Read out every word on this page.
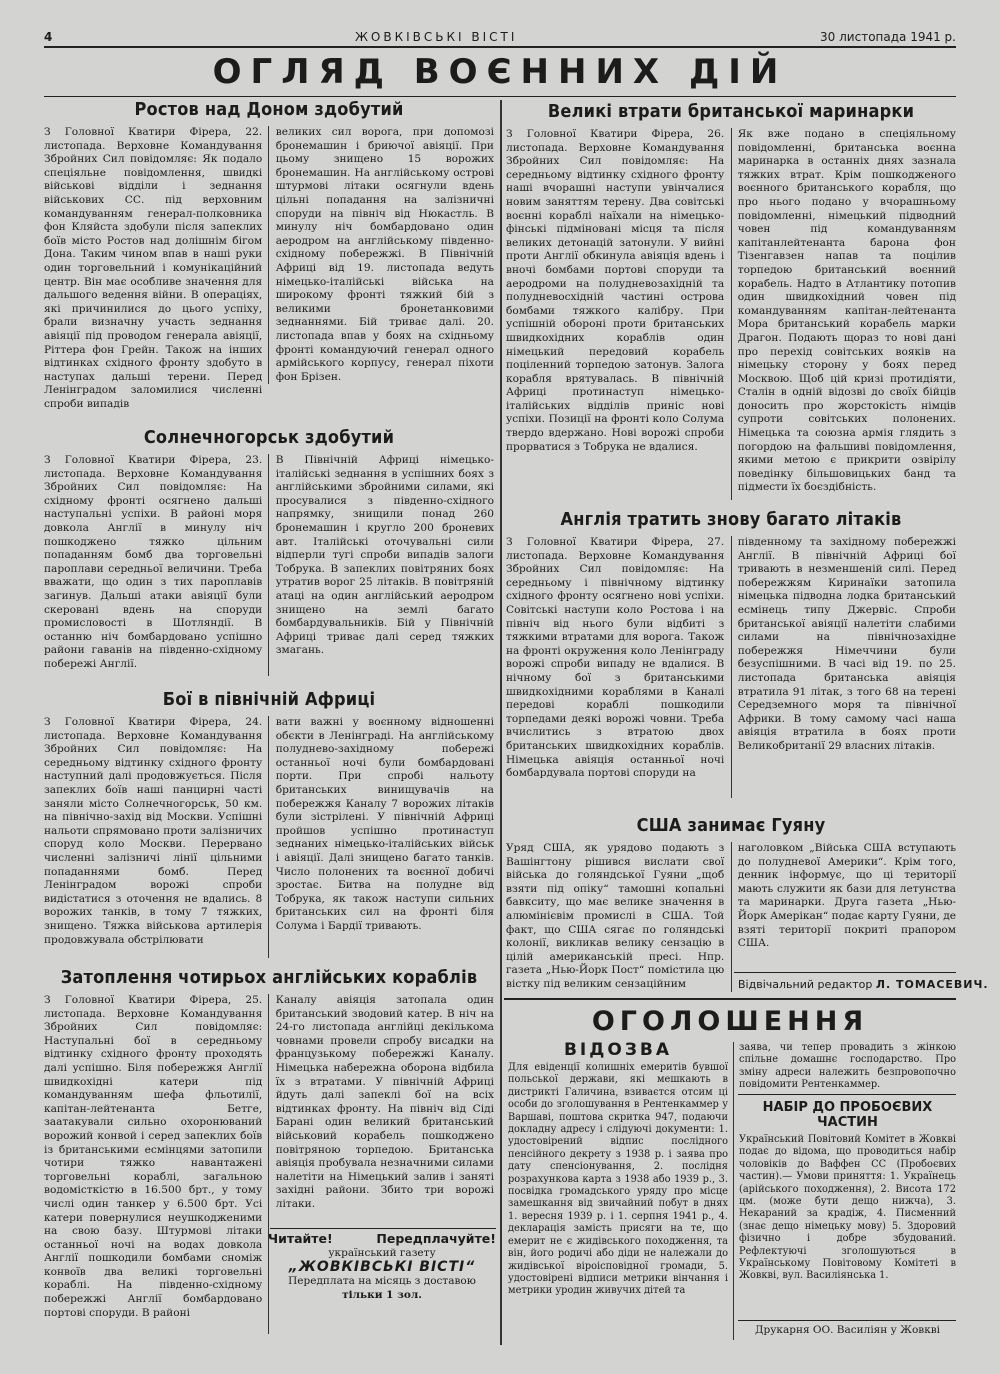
4	ЖОВКІВСЬКІ ВІСТІ	30 листопада 1941 р.
ОГЛЯД ВОЄННИХ ДІЙ
Ростов над Доном здобутий
З Головної Кватири Фірера, 22. листопада. Верховне Командування Збройних Сил повідомляє: Як подало спеціяльне повідомлення, швидкі військові відділи і зеднання військових СС. під верховним командуванням генерал-полковника фон Кляйста здобули після запеклих боїв місто Ростов над долішнім бігом Дона. Таким чином впав в наші руки один торговельний і комунікаційний центр. Він має особливе значення для дальшого ведення війни. В операціях, які причинилися до цього успіху, брали визначну участь зеднання авіяції під проводом генерала авіяції, Ріттера фон Грейн. Також на інших відтинках східного фронту здобуто в наступах дальші терени. Перед Ленінградом заломилися численні спроби випадів
великих сил ворога, при допомозі бронемашин і бриючої авіяції. При цьому знищено 15 ворожих бронемашин. На англійському острові штурмові літаки осягнули вдень цільні попадання на залізничні споруди на північ від Нюкастль. В минулу ніч бомбардовано один аеродром на англійському південно-східному побережжі. В Північній Африці від 19. листопада ведуть німецько-італійські війська на широкому фронті тяжкий бій з великими бронетанковими зеднаннями. Бій триває далі. 20. листопада впав у боях на східньому фронті командуючий генерал одного армійського корпусу, генерал піхоти фон Брізен.
Солнечногорськ здобутий
З Головної Кватири Фірера, 23. листопада. Верховне Командування Збройних Сил повідомляє: На східному фронті осягнено дальші наступальні успіхи. В районі моря довкола Англії в минулу ніч пошкоджено тяжко цільним попаданням бомб два торговельні пароплави середньої величини. Треба вважати, що один з тих пароплавів загинув. Дальші атаки авіяції були скеровані вдень на споруди промисловості в Шотляндії. В останню ніч бомбардовано успішно райони гаванів на південно-східному побережі Англії.
В Північній Африці німецько-італійські зеднання в успішних боях з англійськими збройними силами, які просувалися з південно-східного напрямку, знищили понад 260 бронемашин і кругло 200 броневих авт. Італійські оточувальні сили відперли тугі спроби випадів залоги Тобрука. В запеклих повітряних боях утратив ворог 25 літаків. В повітряній атаці на один англійський аеродром знищено на землі багато бомбардувальників. Бій у Північній Африці триває далі серед тяжких змагань.
Бої в північній Африці
З Головної Кватири Фірера, 24. листопада. Верховне Командування Збройних Сил повідомляє: На середньому відтинку східного фронту наступний далі продовжується. Після запеклих боїв наші панцирні часті заняли місто Солнечногорськ, 50 км. на північно-захід від Москви. Успішні нальоти спрямовано проти залізничих споруд коло Москви. Перервано численні залізничі лінії цільними попаданнями бомб. Перед Ленінградом ворожі спроби видістатися з оточення не вдались. 8 ворожих танків, в тому 7 тяжких, знищено. Тяжка військова артилерія продовжувала обстрілювати
вати важні у воєнному відношенні обєкти в Ленінграді. На англійському полуднево-західному побережі останньої ночі були бомбардовані порти. При спробі нальоту британських винищувачів на побережжя Каналу 7 ворожих літаків були зістрілені. У північній Африці пройшов успішно протинаступ зеднаних німецько-італійських військ і авіяції. Далі знищено багато танків. Число полонених та воєнної добичі зростає. Битва на полудне від Тобрука, як також наступи сильних британських сил на фронті біля Солума і Бардії тривають.
Затоплення чотирьох англійських кораблів
З Головної Кватири Фірера, 25. листопада. Верховне Командування Збройних Сил повідомляє: Наступальні бої в середньому відтинку східного фронту проходять далі успішно. Біля побережжя Англії швидкохідні катери під командуванням шефа фльотилії, капітан-лейтенанта Бетге, заатакували сильно охоронюваний ворожий конвой і серед запеклих боїв із британськими есмінцями затопили чотири тяжко навантажені торговельні кораблі, загальною водомісткістю в 16.500 брт., у тому числі один танкер у 6.500 брт. Усі катери повернулися неушкодженими на свою базу. Штурмові літаки останньої ночі на водах довкола Англії пошкодили бомбами сноміж конвоїв два великі торговельні кораблі. На південно-східному побережжі Англії бомбардовано портові споруди. В районі
Каналу авіяція затопала один британський зводовий катер. В ніч на 24-го листопада англійці декількома човнами провели спробу висадки на французькому побережжі Каналу. Німецька набережна оборона відбила їх з втратами. У північній Африці йдуть далі запеклі бої на всіх відтинках фронту. На північ від Сіді Барані один великий британський військовий корабель пошкоджено повітряною торпедою. Британська авіяція пробувала незначними силами налетіти на Німецький залив і заняті західні райони. Збито три ворожі літаки.
Читайте!	Передплачуйте!
український газету
„ЖОВКІВСЬКІ ВІСТІ“
Передплата на місяць з доставою
тільки 1 зол.
Великі втрати британської маринарки
З Головної Кватири Фірера, 26. листопада. Верховне Командування Збройних Сил повідомляє: На середньому відтинку східного фронту наші вчорашні наступи увінчалися новим заняттям терену. Два совітські воєнні кораблі наїхали на німецько-фінські підміновані місця та після великих детонацій затонули. У вийні проти Англії обкинула авіяція вдень і вночі бомбами портові споруди та аеродроми на полудневозахідній та полудневосхідній частині острова бомбами тяжкого калібру. При успішній обороні проти британських швидкохідних кораблів один німецький передовий корабель поціленний торпедою затонув. Залога корабля врятувалась. В північній Африці протинаступ німецько-італійських відділів приніс нові успіхи. Позиції на фронті коло Солума твердо вдержано. Нові ворожі спроби прорватися з Тобрука не вдалися.
Як вже подано в спеціяльному повідомленні, британська воєнна маринарка в останніх днях зазнала тяжких втрат. Крім пошкодженого воєнного британського корабля, що про нього подано у вчорашньому повідомленні, німецький підводний човен під командуванням капітанлейтенанта барона фон Тізенгавзен напав та поцілив торпедою британський воєнний корабель. Надто в Атлантику потопив один швидкохідний човен під командуванням капітан-лейтенанта Мора британський корабель марки Драгон. Подають щораз то нові дані про перехід совітських вояків на німецьку сторону у боях перед Москвою. Щоб цій кризі протидіяти, Сталін в одній відозві до своїх бійців доносить про жорстокість німців супроти совітських полонених. Німецька та союзна армія глядить з погордою на фальшиві повідомлення, якими метою є прикрити озвірілу поведінку більшовицьких банд та підмести їх боєздібність.
Англія тратить знову багато літаків
З Головної Кватири Фірера, 27. листопада. Верховне Командування Збройних Сил повідомляє: На середньому і північному відтинку східного фронту осягнено нові успіхи. Совітські наступи коло Ростова і на північ від нього були відбиті з тяжкими втратами для ворога. Також на фронті окруження коло Ленінграду ворожі спроби випаду не вдалися. В нічному бої з британськими швидкохідними кораблями в Каналі передові кораблі пошкодили торпедами деякі ворожі човни. Треба вчислитись з втратою двох британських швидкохідних кораблів. Німецька авіяція останньої ночі бомбардувала портові споруди на
південному та західному побережжі Англії. В північній Африці бої тривають в незменшеній силі. Перед побережжям Киринаїки затопила німецька підводна лодка британський есмінець типу Джервіс. Спроби британської авіяції налетіти слабими силами на північнозахідне побережжя Німеччини були безуспішними. В часі від 19. по 25. листопада британська авіяція втратила 91 літак, з того 68 на терені Середземного моря та північної Африки. В тому самому часі наша авіяція втратила в боях проти Великобританії 29 власних літаків.
США занимає Гуяну
Уряд США, як урядово подають з Вашінгтону рішився вислати свої війська до голяндської Гуяни „щоб взяти під опіку“ тамошні копальні бавкситу, що має велике значення в алюмінієвім промислі в США. Той факт, що США сягає по голяндські колонії, викликав велику сензацію в цілій американській пресі. Нпр. газета „Нью-Йорк Пост“ помістила цю вістку під великим сензаційним
наголовком „Війська США вступають до полудневої Америки“. Крім того, денник інформує, що ці території мають служити як бази для летунства та маринарки. Друга газета „Нью-Йорк Амерікан“ подає карту Гуяни, де взяті території покриті прапором США.
Відвічальний редактор Л. ТОМАСЕВИЧ.
ОГОЛОШЕННЯ
ВІДОЗВА
Для евіденції колишніх емеритів бувшої польської держави, які мешкають в дистрикті Галичина, взиваєтся отсим ці особи до зголошування в Рентенкаммер у Варшаві, поштова скритка 947, подаючи докладну адресу і слідуючі документи: 1. удостовірений відпис послідного пенсійного декрету з 1938 р. і заява про дату спенсіонування, 2. послідня розрахункова карта з 1938 або 1939 р., 3. посвідка громадського уряду про місце замешкання від звичайний побут в днях 1. вересня 1939 р. і 1. серпня 1941 р., 4. декларація замість присяги на те, що емерит не є жидівського походження, та він, його родичі або діди не належали до жидівської віроісповідної громади, 5. удостовірені відписи метрики вінчання і метрики уродин живучих дітей та
заява, чи тепер провадить з жінкою спільне домашнє господарство. Про зміну адреси належить безпровопочно повідомити Рентенкаммер.
НАБІР ДО ПРОБОЄВИХ ЧАСТИН
Український Повітовий Комітет в Жовкві подає до відома, що проводиться набір чоловіків до Ваффен СС (Пробоєвих частин).— Умови приняття: 1. Українець (арійського походження), 2. Висота 172 цм. (може бути дещо нижча), 3. Некараний за крадіж, 4. Писменний (знає дещо німецьку мову) 5. Здоровий фізично і добре збудований. Рефлектуючі зголошуються в Українському Повітовому Комітеті в Жовкві, вул. Василіянська 1.
Друкарня ОО. Василіян у Жовкві
